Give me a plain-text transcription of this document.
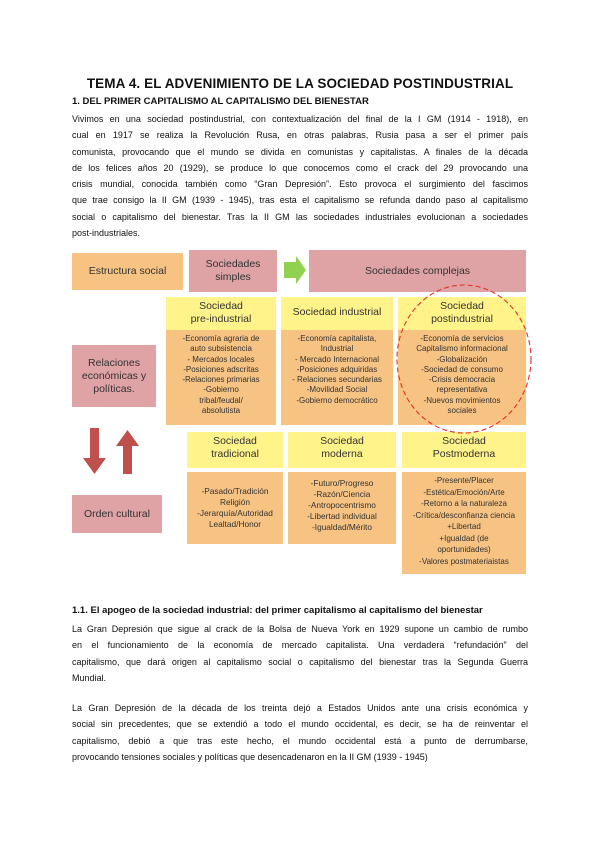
TEMA 4. EL ADVENIMIENTO DE LA SOCIEDAD POSTINDUSTRIAL
1. DEL PRIMER CAPITALISMO AL CAPITALISMO DEL BIENESTAR
Vivimos en una sociedad postindustrial, con contextualización del final de la I GM (1914 - 1918), en
cual en 1917 se realiza la Revolución Rusa, en otras palabras, Rusia pasa a ser el primer país
comunista, provocando que el mundo se divida en comunistas y capitalistas. A finales de la década
de los felices años 20 (1929), se produce lo que conocemos como el crack del 29 provocando una
crisis mundial, conocida también como “Gran Depresión”. Esto provoca el surgimiento del fascimos
que trae consigo la II GM (1939 - 1945), tras esta el capitalismo se refunda dando paso al capitalismo
social o capitalismo del bienestar. Tras la II GM las sociedades industriales evolucionan a sociedades
post-industriales.
Estructura social
Sociedades
simples
Sociedades complejas
Relaciones
económicas y
políticas.
Orden cultural
Sociedad
pre-industrial
Sociedad industrial	Sociedad
postindustrial
-Economía agraria de
auto subsistencia
- Mercados locales
-Posiciones adscritas
-Relaciones primarias
-Gobierno
tribal/feudal/
absolutista
-Economía capitalista,
Industrial
- Mercado Internacional
-Posiciones adquiridas
- Relaciones secundarias
-Movilidad Social
-Gobierno democrático
-Economía de servicios
Capitalismo informacional
-Globalización
-Sociedad de consumo
-Crisis democracia
representativa
-Nuevos movimientos
sociales
Sociedad
tradicional
Sociedad
moderna
Sociedad
Postmoderna
-Pasado/Tradición
Religión
-Jerarquía/Autoridad
Lealtad/Honor
-Futuro/Progreso
-Razón/Ciencia
-Antropocentrismo
-Libertad individual
-Igualdad/Mérito
-Presente/Placer
-Estética/Emoción/Arte
-Retorno a la naturaleza
-Crítica/desconfianza ciencia
+Libertad
+Igualdad (de
oportunidades)
-Valores postmateriaistas
1.1. El apogeo de la sociedad industrial: del primer capitalismo al capitalismo del bienestar
La Gran Depresión que sigue al crack de la Bolsa de Nueva York en 1929 supone un cambio de rumbo
en el funcionamiento de la economía de mercado capitalista. Una verdadera “refundación” del
capitalismo, que dará origen al capitalismo social o capitalismo del bienestar tras la Segunda Guerra
Mundial.
La Gran Depresión de la década de los treinta dejó a Estados Unidos ante una crisis económica y
social sin precedentes, que se extendió a todo el mundo occidental, es decir, se ha de reinventar el
capitalismo, debió a que tras este hecho, el mundo occidental está a punto de derrumbarse,
provocando tensiones sociales y políticas que desencadenaron en la II GM (1939 - 1945)
